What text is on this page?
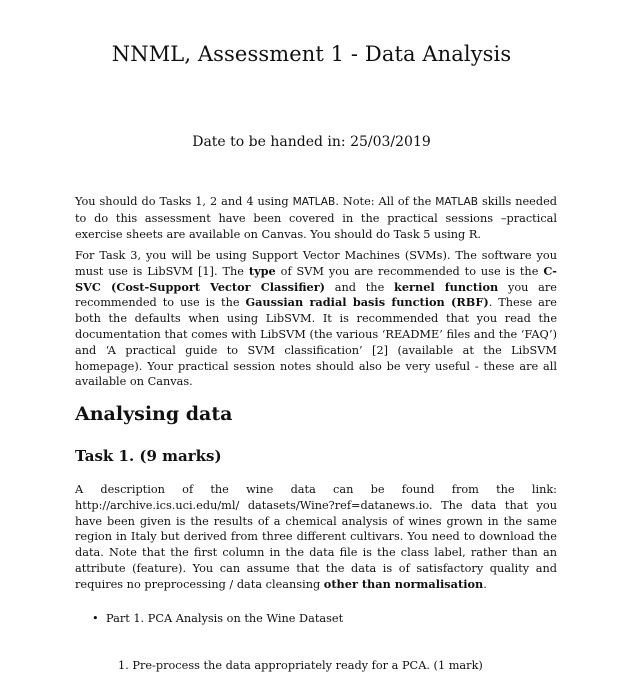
NNML, Assessment 1 - Data Analysis
Date to be handed in: 25/03/2019

You should do Tasks 1, 2 and 4 using MATLAB. Note: All of the MATLAB skills needed to do this assessment have been covered in the practical sessions –practical exercise sheets are available on Canvas. You should do Task 5 using R.

For Task 3, you will be using Support Vector Machines (SVMs). The software you must use is LibSVM [1]. The type of SVM you are recommended to use is the C-SVC (Cost-Support Vector Classifier) and the kernel function you are recommended to use is the Gaussian radial basis function (RBF). These are both the defaults when using LibSVM. It is recommended that you read the documentation that comes with LibSVM (the various ‘README’ files and the ‘FAQ’) and ‘A practical guide to SVM classification’ [2] (available at the LibSVM homepage). Your practical session notes should also be very useful - these are all available on Canvas.

Analysing data
Task 1. (9 marks)

A description of the wine data can be found from the link: http://archive.ics.uci.edu/ml/ datasets/Wine?ref=datanews.io. The data that you have been given is the results of a chemical analysis of wines grown in the same region in Italy but derived from three different cultivars. You need to download the data. Note that the first column in the data file is the class label, rather than an attribute (feature). You can assume that the data is of satisfactory quality and requires no preprocessing / data cleansing other than normalisation.

• Part 1. PCA Analysis on the Wine Dataset
1. Pre-process the data appropriately ready for a PCA. (1 mark)
